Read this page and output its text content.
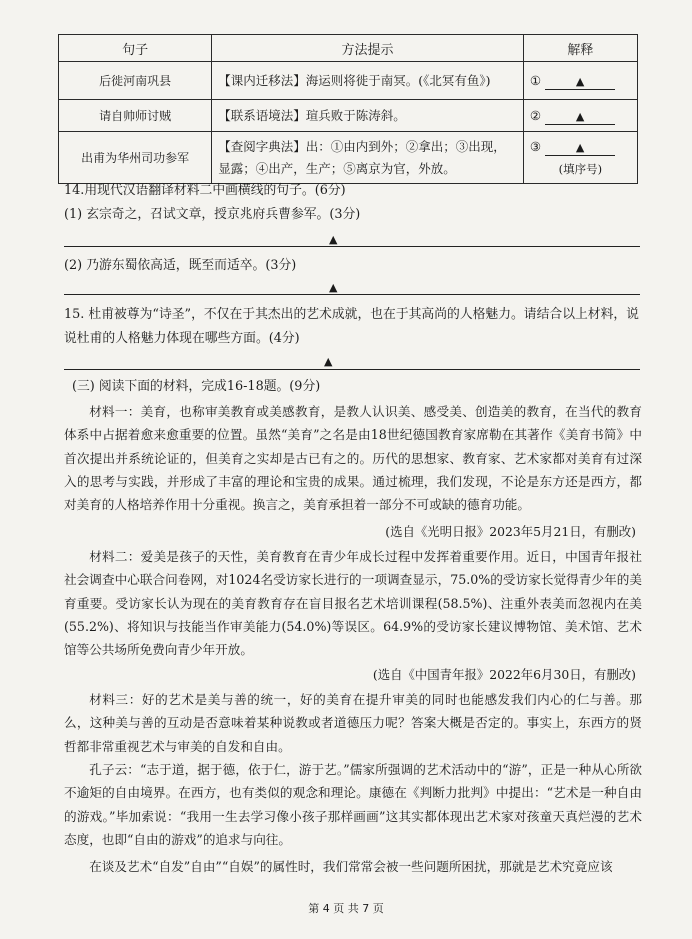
句子	方法提示	解释
后徙河南巩县	【课内迁移法】海运则将徙于南冥。(《北冥有鱼》)	① ▲
请自帅师讨贼	【联系语境法】瑄兵败于陈涛斜。	② ▲
出甫为华州司功参军	【查阅字典法】出：①由内到外；②拿出；③出现，显露；④出产，生产；⑤离京为官，外放。	③ ▲
(填序号)
14.用现代汉语翻译材料二中画横线的句子。(6分)
(1) 玄宗奇之，召试文章，授京兆府兵曹参军。(3分)
▲
(2) 乃游东蜀依高适，既至而适卒。(3分)
▲
15. 杜甫被尊为“诗圣”，不仅在于其杰出的艺术成就，也在于其高尚的人格魅力。请结合以上材料，说
说杜甫的人格魅力体现在哪些方面。(4分)
▲
(三) 阅读下面的材料，完成16-18题。(9分)

材料一：美育，也称审美教育或美感教育，是教人认识美、感受美、创造美的教育，在当代的教育体系中占据着愈来愈重要的位置。虽然“美育”之名是由18世纪德国教育家席勒在其著作《美育书简》中首次提出并系统论证的，但美育之实却是古已有之的。历代的思想家、教育家、艺术家都对美育有过深入的思考与实践，并形成了丰富的理论和宝贵的成果。通过梳理，我们发现，不论是东方还是西方，都对美育的人格培养作用十分重视。换言之，美育承担着一部分不可或缺的德育功能。

(选自《光明日报》2023年5月21日，有删改)

材料二：爱美是孩子的天性，美育教育在青少年成长过程中发挥着重要作用。近日，中国青年报社社会调查中心联合问卷网，对1024名受访家长进行的一项调查显示，75.0%的受访家长觉得青少年的美育重要。受访家长认为现在的美育教育存在盲目报名艺术培训课程(58.5%)、注重外表美而忽视内在美(55.2%)、将知识与技能当作审美能力(54.0%)等误区。64.9%的受访家长建议博物馆、美术馆、艺术馆等公共场所免费向青少年开放。

(选自《中国青年报》2022年6月30日，有删改)

材料三：好的艺术是美与善的统一，好的美育在提升审美的同时也能感发我们内心的仁与善。那么，这种美与善的互动是否意味着某种说教或者道德压力呢？答案大概是否定的。事实上，东西方的贤哲都非常重视艺术与审美的自发和自由。

孔子云：“志于道，据于德，依于仁，游于艺。”儒家所强调的艺术活动中的“游”，正是一种从心所欲不逾矩的自由境界。在西方，也有类似的观念和理论。康德在《判断力批判》中提出：“艺术是一种自由的游戏。”毕加索说：“我用一生去学习像小孩子那样画画”这其实都体现出艺术家对孩童天真烂漫的艺术态度，也即“自由的游戏”的追求与向往。

在谈及艺术“自发”自由”“自娱”的属性时，我们常常会被一些问题所困扰，那就是艺术究竟应该

第 4 页 共 7 页
